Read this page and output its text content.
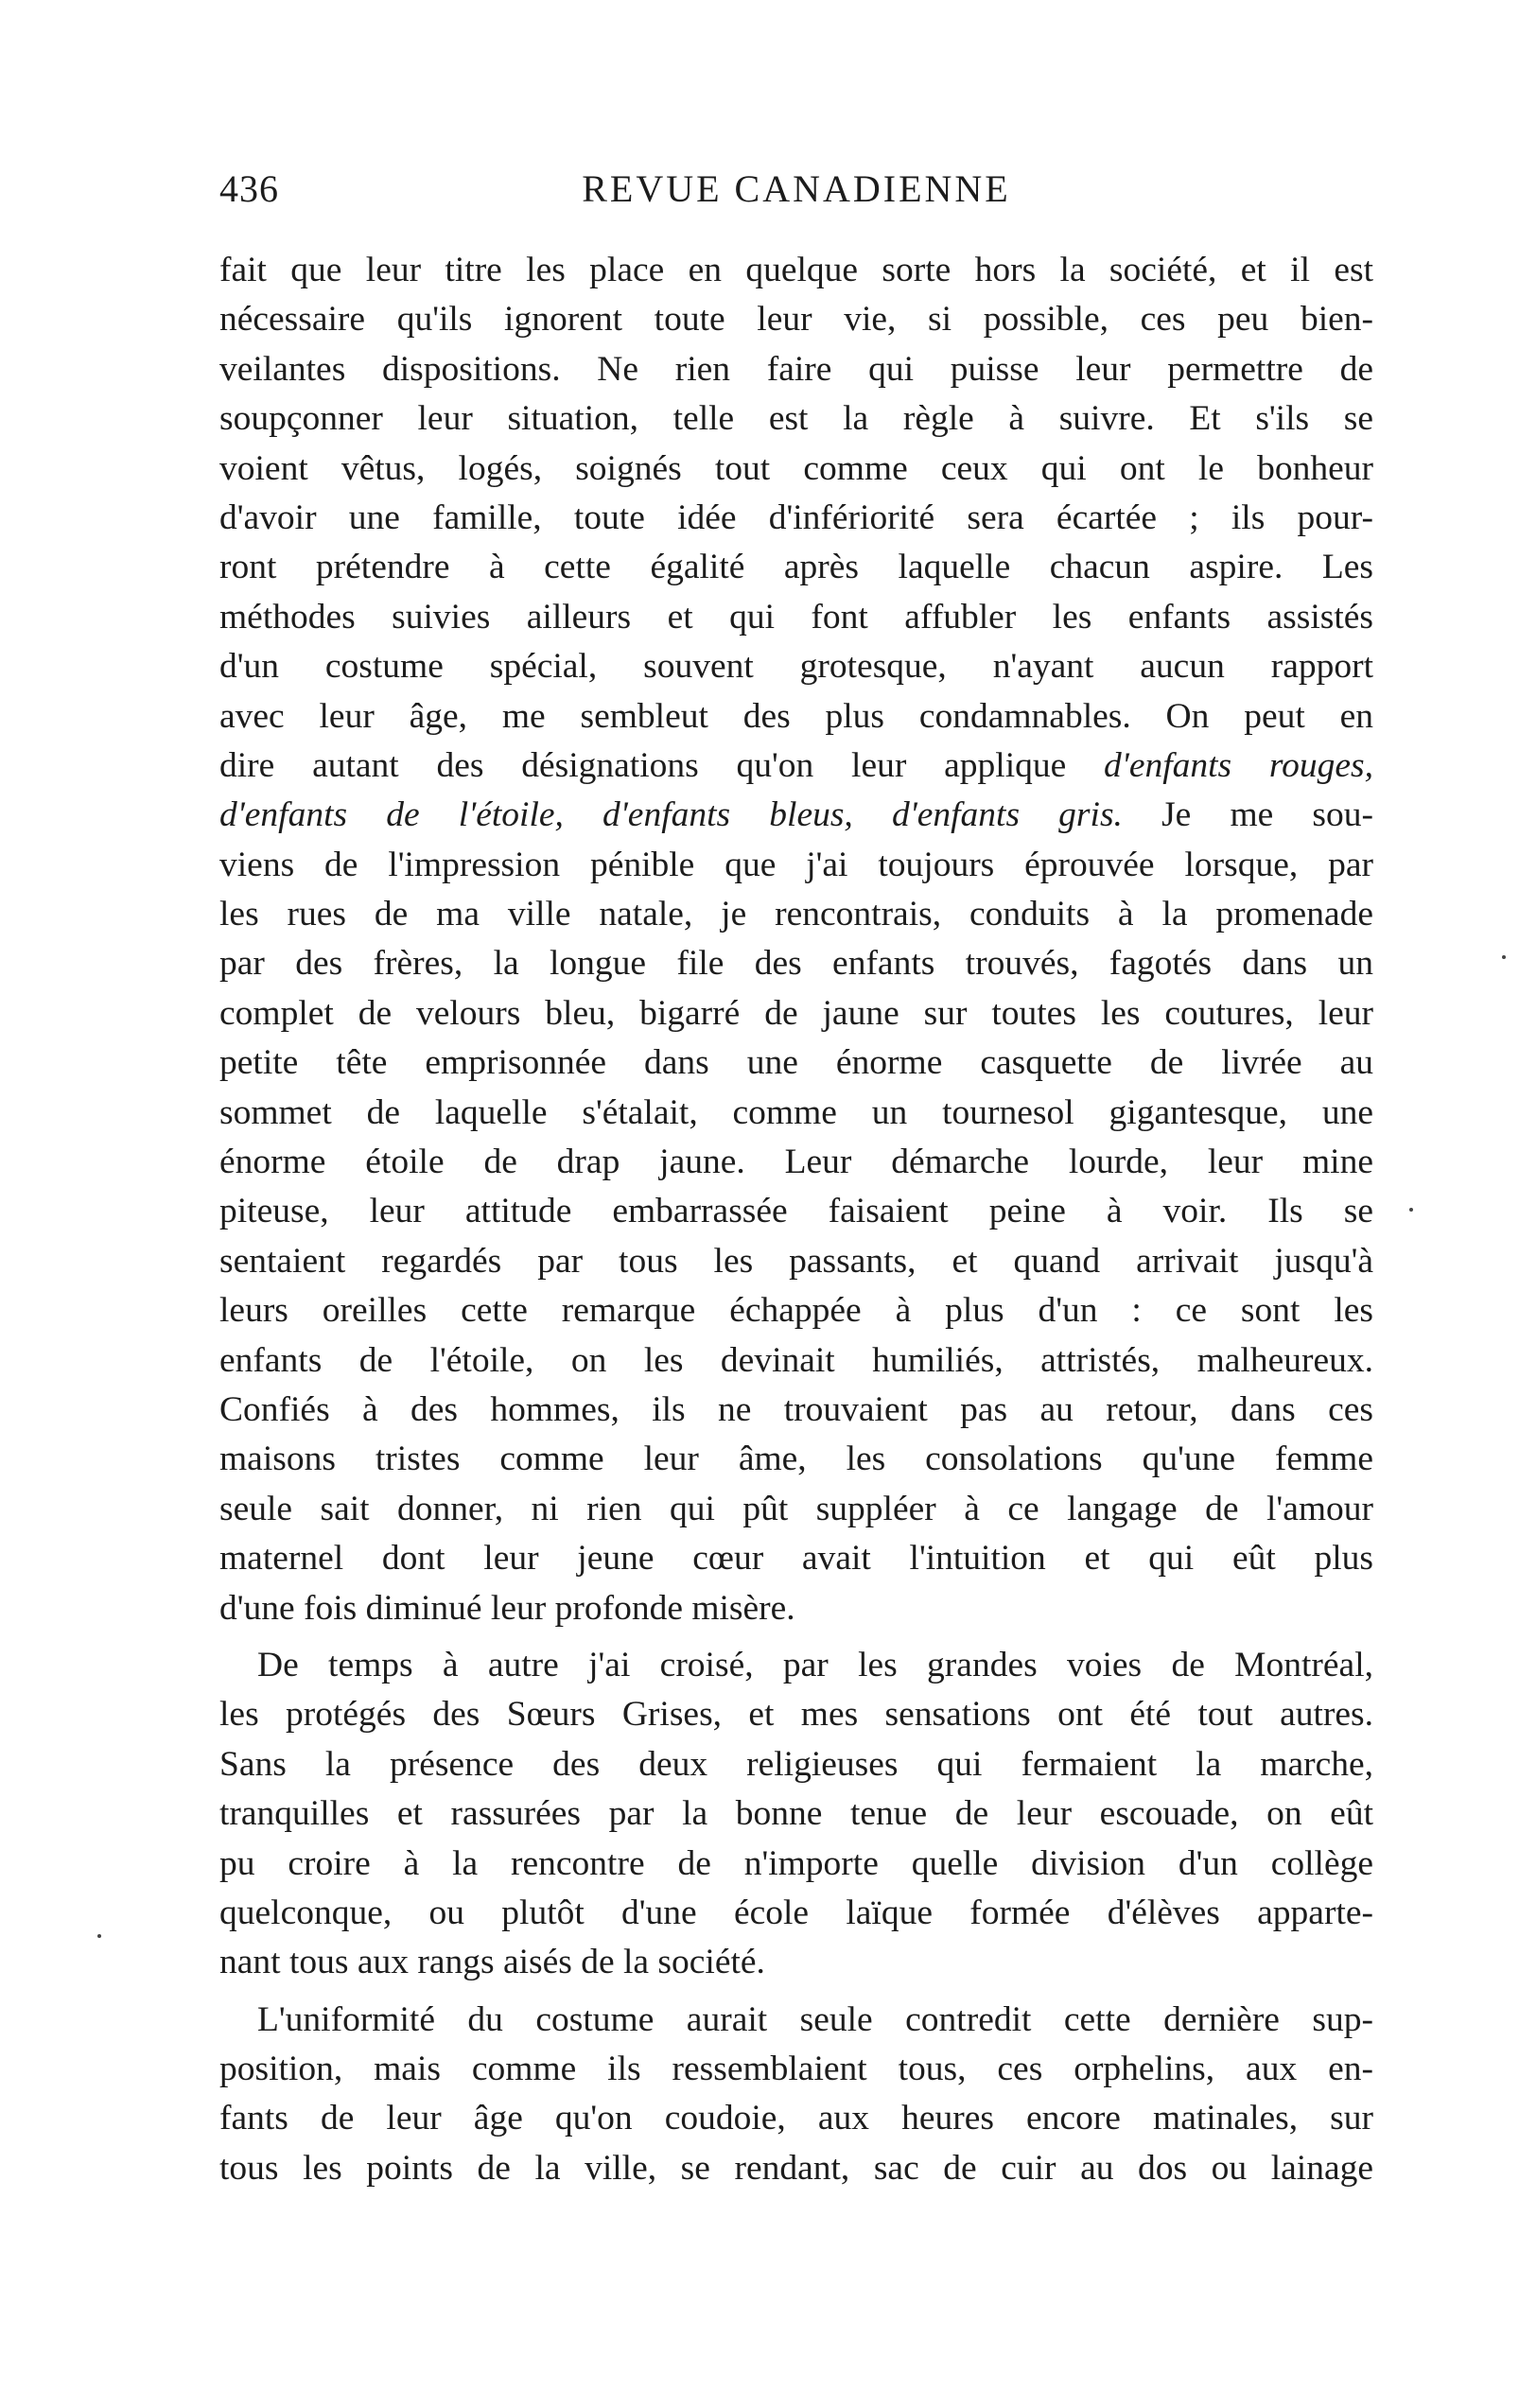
436	REVUE CANADIENNE
fait que leur titre les place en quelque sorte hors la société, et il est
nécessaire qu'ils ignorent toute leur vie, si possible, ces peu bien-
veilantes dispositions. Ne rien faire qui puisse leur permettre de
soupçonner leur situation, telle est la règle à suivre. Et s'ils se
voient vêtus, logés, soignés tout comme ceux qui ont le bonheur
d'avoir une famille, toute idée d'infériorité sera écartée ; ils pour-
ront prétendre à cette égalité après laquelle chacun aspire. Les
méthodes suivies ailleurs et qui font affubler les enfants assistés
d'un costume spécial, souvent grotesque, n'ayant aucun rapport
avec leur âge, me sembleut des plus condamnables. On peut en
dire autant des désignations qu'on leur applique d'enfants rouges,
d'enfants de l'étoile, d'enfants bleus, d'enfants gris. Je me sou-
viens de l'impression pénible que j'ai toujours éprouvée lorsque, par
les rues de ma ville natale, je rencontrais, conduits à la promenade
par des frères, la longue file des enfants trouvés, fagotés dans un
complet de velours bleu, bigarré de jaune sur toutes les coutures, leur
petite tête emprisonnée dans une énorme casquette de livrée au
sommet de laquelle s'étalait, comme un tournesol gigantesque, une
énorme étoile de drap jaune. Leur démarche lourde, leur mine
piteuse, leur attitude embarrassée faisaient peine à voir. Ils se
sentaient regardés par tous les passants, et quand arrivait jusqu'à
leurs oreilles cette remarque échappée à plus d'un : ce sont les
enfants de l'étoile, on les devinait humiliés, attristés, malheureux.
Confiés à des hommes, ils ne trouvaient pas au retour, dans ces
maisons tristes comme leur âme, les consolations qu'une femme
seule sait donner, ni rien qui pût suppléer à ce langage de l'amour
maternel dont leur jeune cœur avait l'intuition et qui eût plus
d'une fois diminué leur profonde misère.
De temps à autre j'ai croisé, par les grandes voies de Montréal,
les protégés des Sœurs Grises, et mes sensations ont été tout autres.
Sans la présence des deux religieuses qui fermaient la marche,
tranquilles et rassurées par la bonne tenue de leur escouade, on eût
pu croire à la rencontre de n'importe quelle division d'un collège
quelconque, ou plutôt d'une école laïque formée d'élèves apparte-
nant tous aux rangs aisés de la société.
L'uniformité du costume aurait seule contredit cette dernière sup-
position, mais comme ils ressemblaient tous, ces orphelins, aux en-
fants de leur âge qu'on coudoie, aux heures encore matinales, sur
tous les points de la ville, se rendant, sac de cuir au dos ou lainage
